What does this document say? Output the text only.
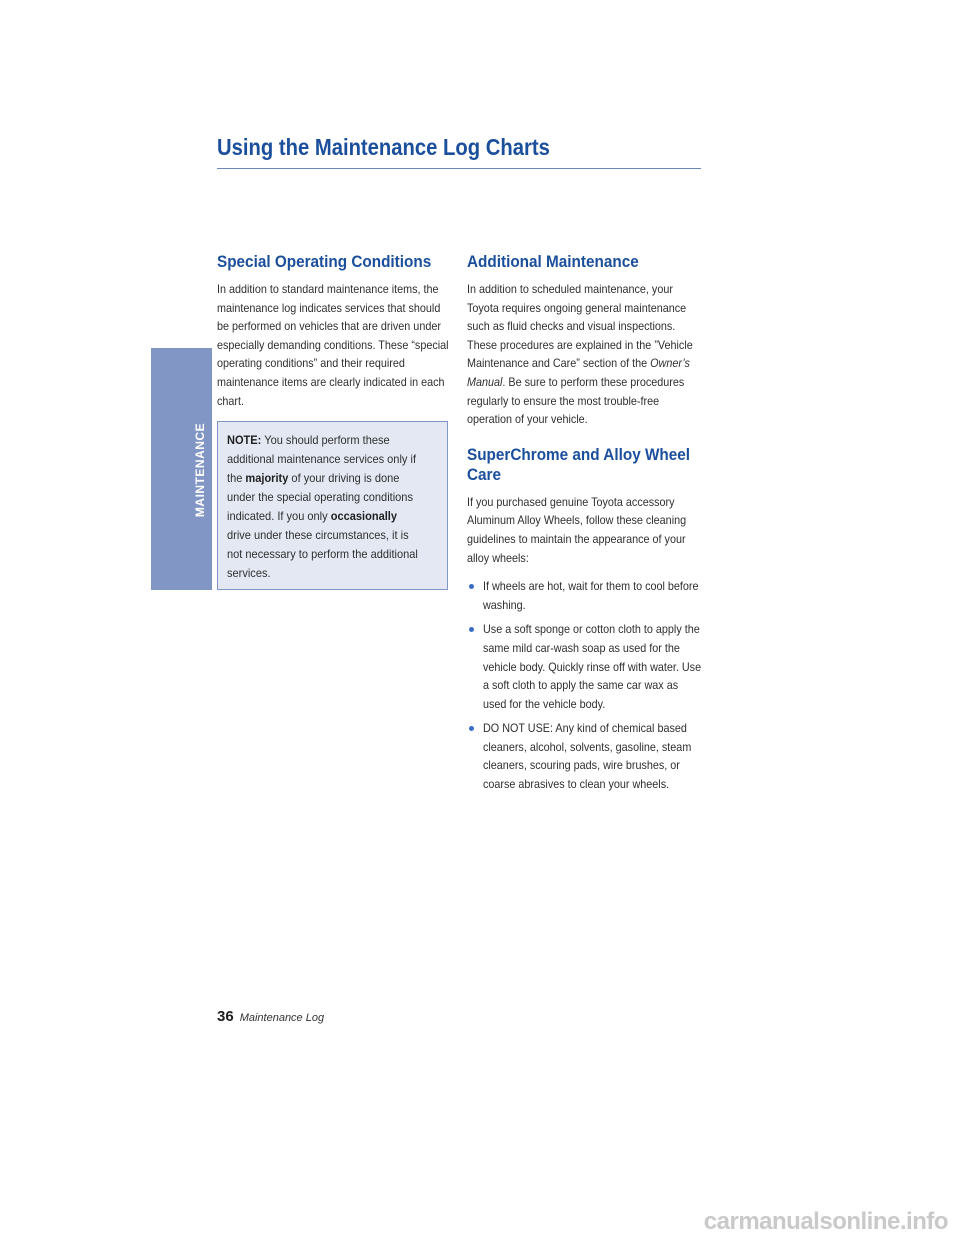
Using the Maintenance Log Charts
MAINTENANCE
Special Operating Conditions

In addition to standard maintenance items, the maintenance log indicates services that should be performed on vehicles that are driven under especially demanding conditions. These “special operating conditions” and their required maintenance items are clearly indicated in each chart.

NOTE: You should perform these additional maintenance services only if the majority of your driving is done under the special operating conditions indicated. If you only occasionally drive under these circumstances, it is not necessary to perform the additional services.
Additional Maintenance

In addition to scheduled maintenance, your Toyota requires ongoing general maintenance such as fluid checks and visual inspections. These procedures are explained in the ”Vehicle Maintenance and Care” section of the Owner’s Manual. Be sure to perform these procedures regularly to ensure the most trouble-free operation of your vehicle.

SuperChrome and Alloy Wheel Care

If you purchased genuine Toyota accessory Aluminum Alloy Wheels, follow these cleaning guidelines to maintain the appearance of your alloy wheels:

If wheels are hot, wait for them to cool before washing.
Use a soft sponge or cotton cloth to apply the same mild car-wash soap as used for the vehicle body. Quickly rinse off with water. Use a soft cloth to apply the same car wax as used for the vehicle body.
DO NOT USE: Any kind of chemical based cleaners, alcohol, solvents, gasoline, steam cleaners, scouring pads, wire brushes, or coarse abrasives to clean your wheels.
36 Maintenance Log
carmanualsonline.info
